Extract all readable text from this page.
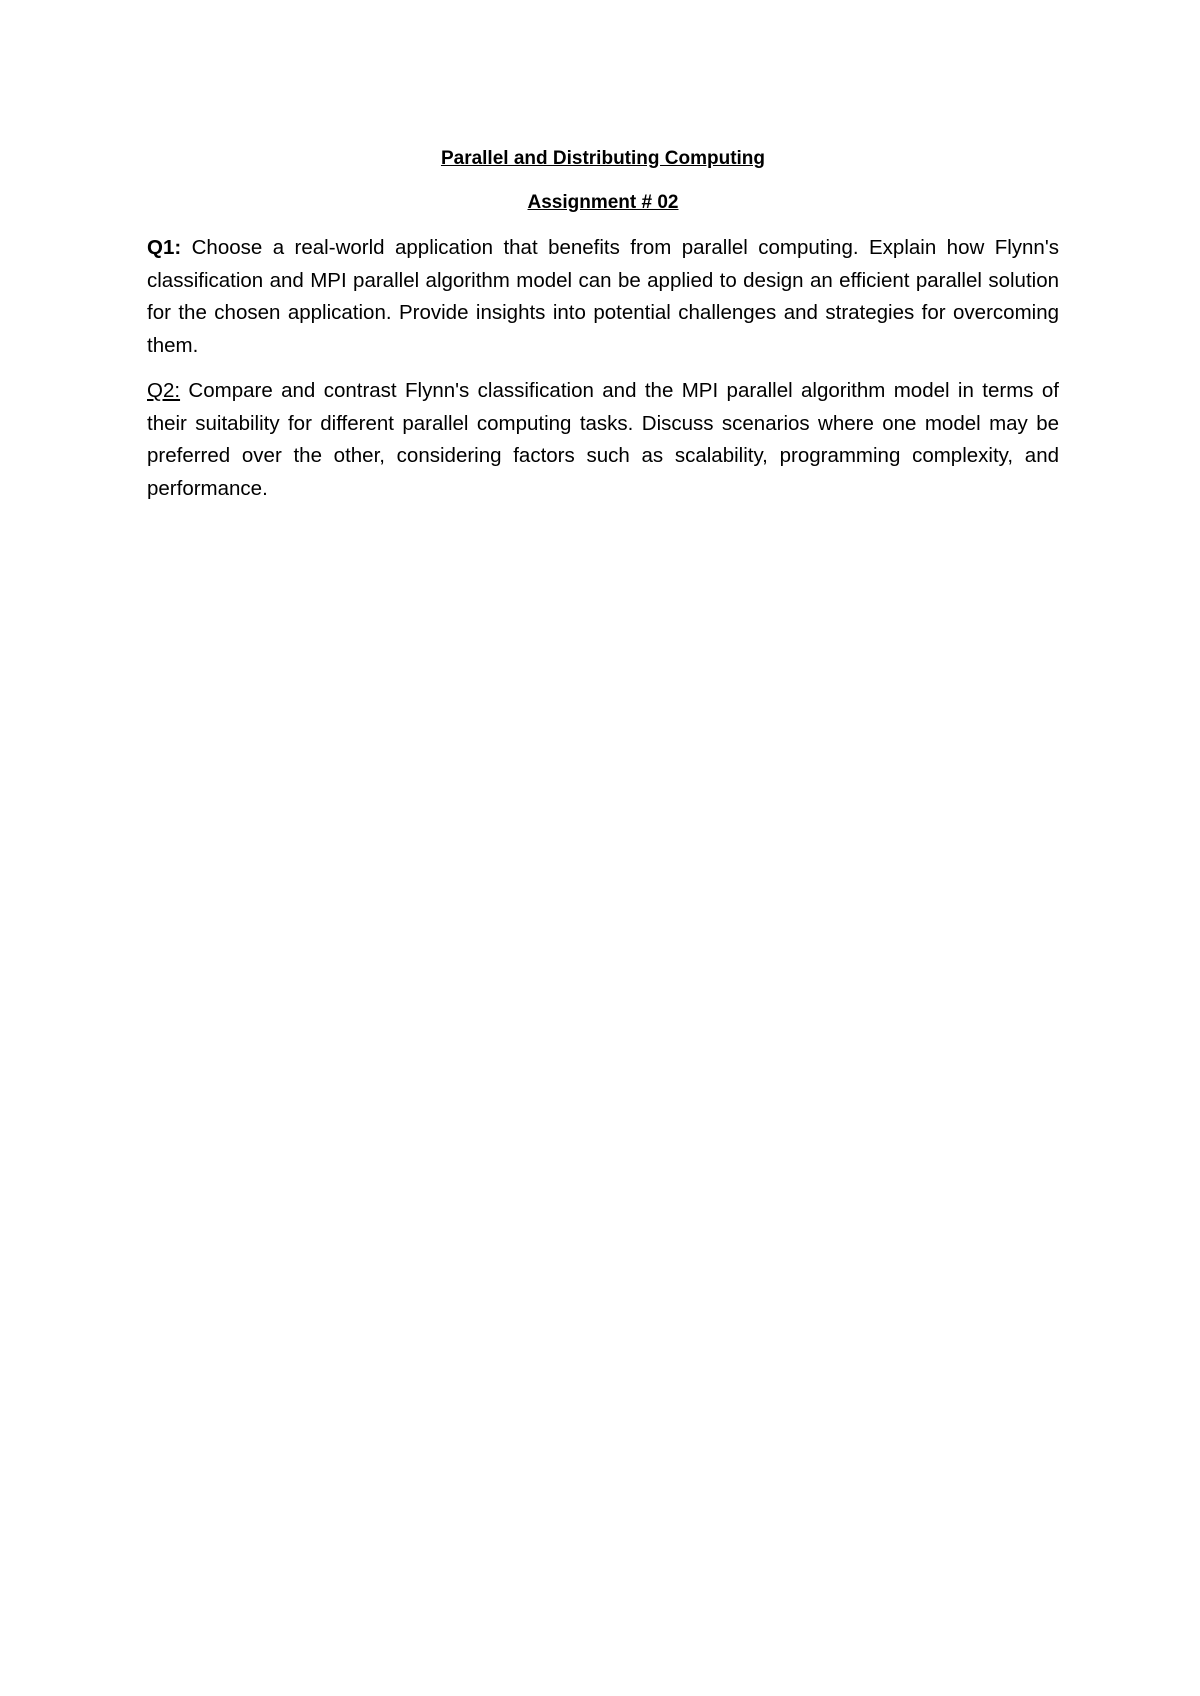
Parallel and Distributing Computing

Assignment # 02

Q1: Choose a real-world application that benefits from parallel computing. Explain how Flynn's classification and MPI parallel algorithm model can be applied to design an efficient parallel solution for the chosen application. Provide insights into potential challenges and strategies for overcoming them.

Q2: Compare and contrast Flynn's classification and the MPI parallel algorithm model in terms of their suitability for different parallel computing tasks. Discuss scenarios where one model may be preferred over the other, considering factors such as scalability, programming complexity, and performance.
